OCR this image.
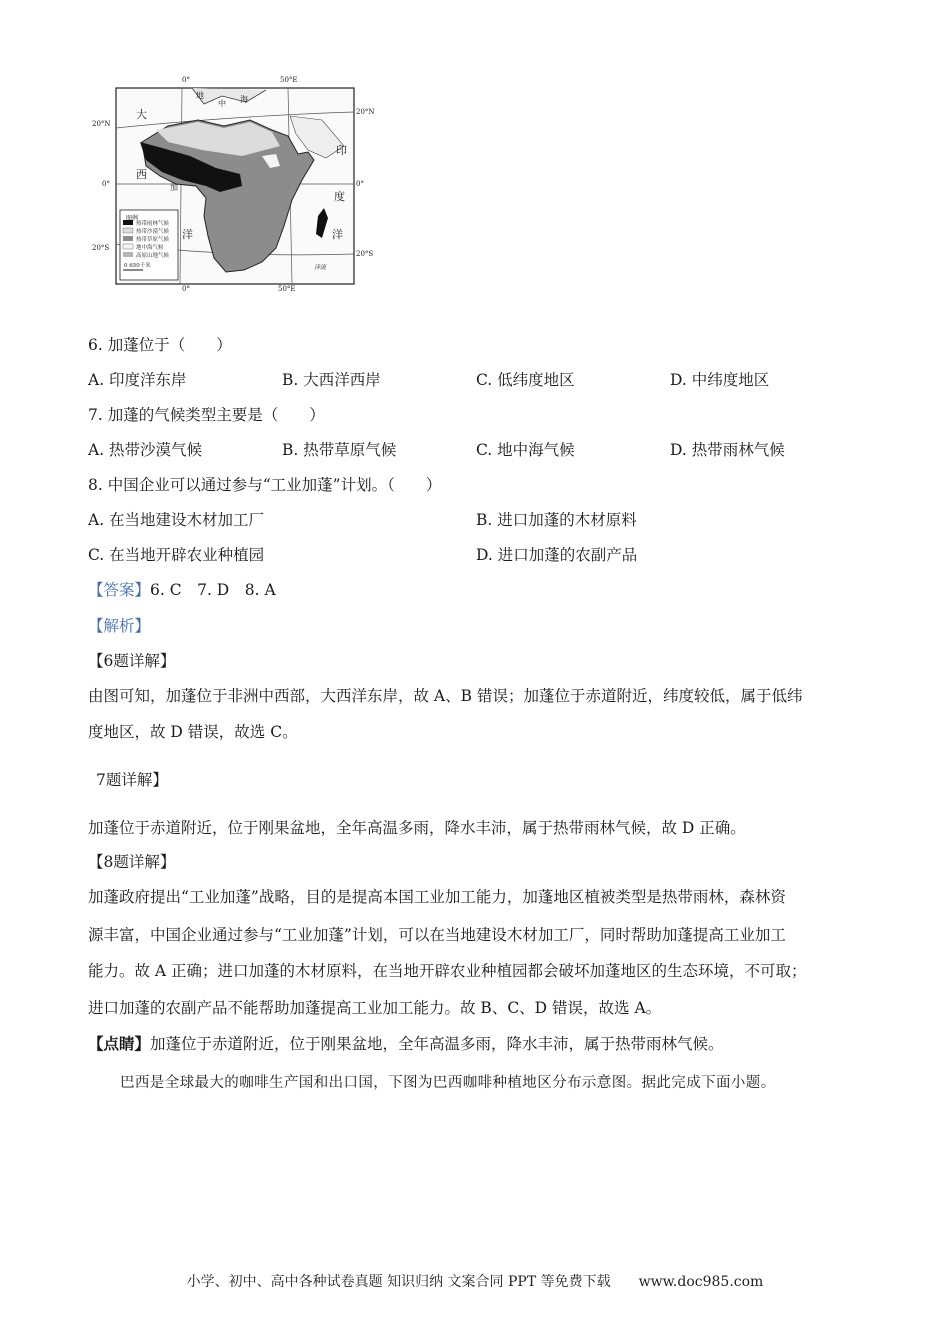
0°	50°E
0°	50°E
20°N
0°
20°S
20°N
0°
20°S
大
西
洋
印
度
洋
地
中 海
加
洋流
图例
热带雨林气候
热带沙漠气候
热带草原气候
地中海气候
高原山地气候
0 650千米
6. 加蓬位于（　　）
A. 印度洋东岸	B. 大西洋西岸	C. 低纬度地区	D. 中纬度地区
7. 加蓬的气候类型主要是（　　）
A. 热带沙漠气候	B. 热带草原气候	C. 地中海气候	D. 热带雨林气候
8. 中国企业可以通过参与“工业加蓬”计划。（　　）
A. 在当地建设木材加工厂	B. 进口加蓬的木材原料
C. 在当地开辟农业种植园	D. 进口加蓬的农副产品
【答案】6. C　7. D　8. A
【解析】
【6题详解】
由图可知，加蓬位于非洲中西部，大西洋东岸，故 A、B 错误；加蓬位于赤道附近，纬度较低，属于低纬
度地区，故 D 错误，故选 C。
7题详解】
加蓬位于赤道附近，位于刚果盆地，全年高温多雨，降水丰沛，属于热带雨林气候，故 D 正确。
【8题详解】
加蓬政府提出“工业加蓬”战略，目的是提高本国工业加工能力，加蓬地区植被类型是热带雨林，森林资
源丰富，中国企业通过参与“工业加蓬”计划，可以在当地建设木材加工厂，同时帮助加蓬提高工业加工
能力。故 A 正确；进口加蓬的木材原料，在当地开辟农业种植园都会破坏加蓬地区的生态环境，不可取；
进口加蓬的农副产品不能帮助加蓬提高工业加工能力。故 B、C、D 错误，故选 A。
【点睛】加蓬位于赤道附近，位于刚果盆地，全年高温多雨，降水丰沛，属于热带雨林气候。
巴西是全球最大的咖啡生产国和出口国，下图为巴西咖啡种植地区分布示意图。据此完成下面小题。
小学、初中、高中各种试卷真题 知识归纳 文案合同 PPT 等免费下载　　www.doc985.com
